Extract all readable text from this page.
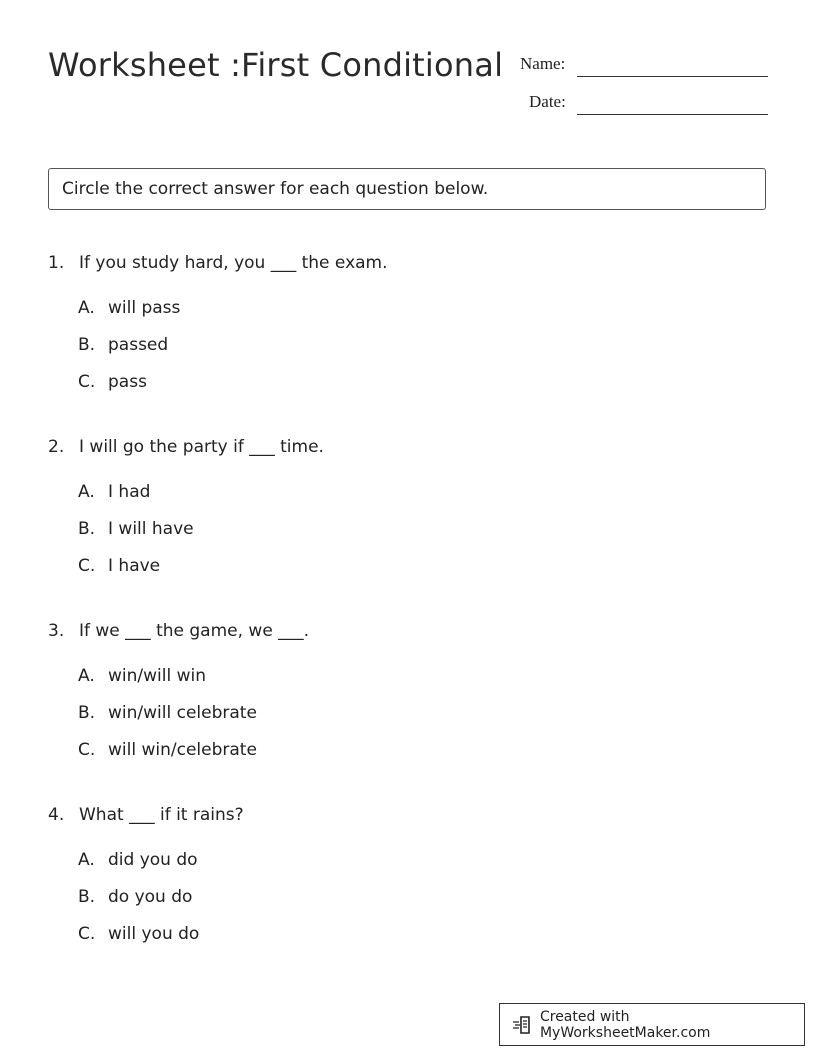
Worksheet :First Conditional Name:
Date:
Circle the correct answer for each question below.
1. If you study hard, you ___ the exam.
A. will pass
B. passed
C. pass
2. I will go the party if ___ time.
A. I had
B. I will have
C. I have
3. If we ___ the game, we ___.
A. win/will win
B. win/will celebrate
C. will win/celebrate
4. What ___ if it rains?
A. did you do
B. do you do
C. will you do
Created with MyWorksheetMaker.com
